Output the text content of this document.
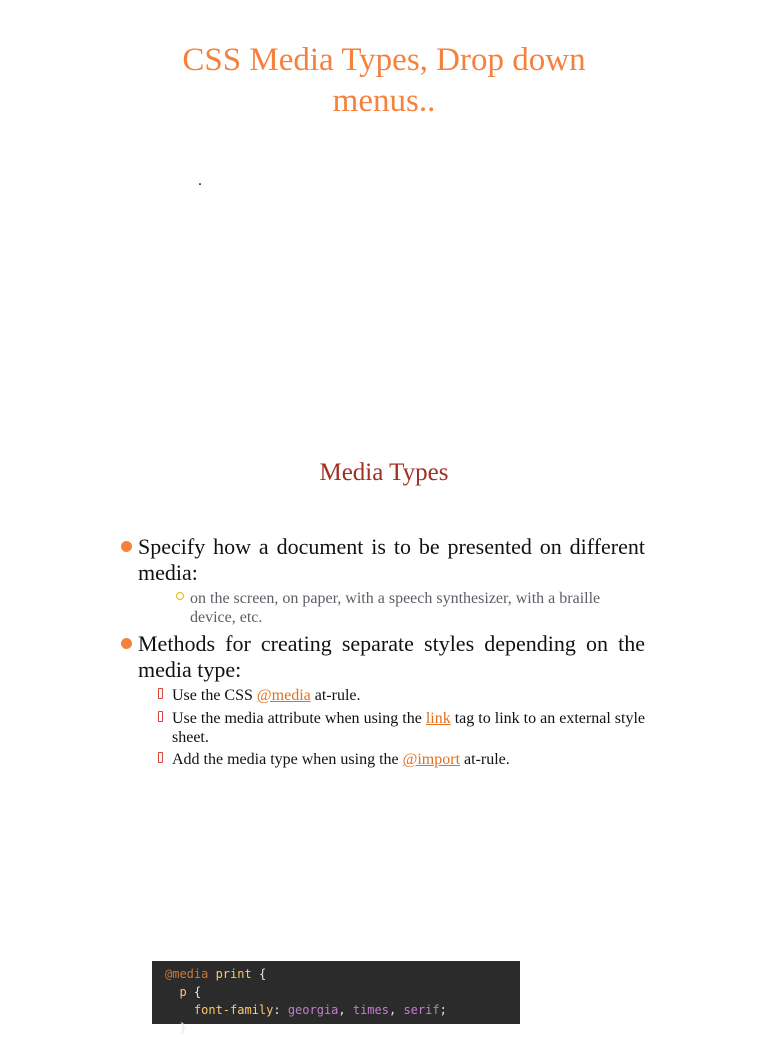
CSS Media Types, Drop down
menus..
.
Media Types
Specify how a document is to be presented on different media:
on the screen, on paper, with a speech synthesizer, with a braille device, etc.
Methods for creating separate styles depending on the media type:
Use the CSS @media at-rule.
Use the media attribute when using the link tag to link to an external style sheet.
Add the media type when using the @import at-rule.
@media print {
p {
font-family: georgia, times, serif;
}
